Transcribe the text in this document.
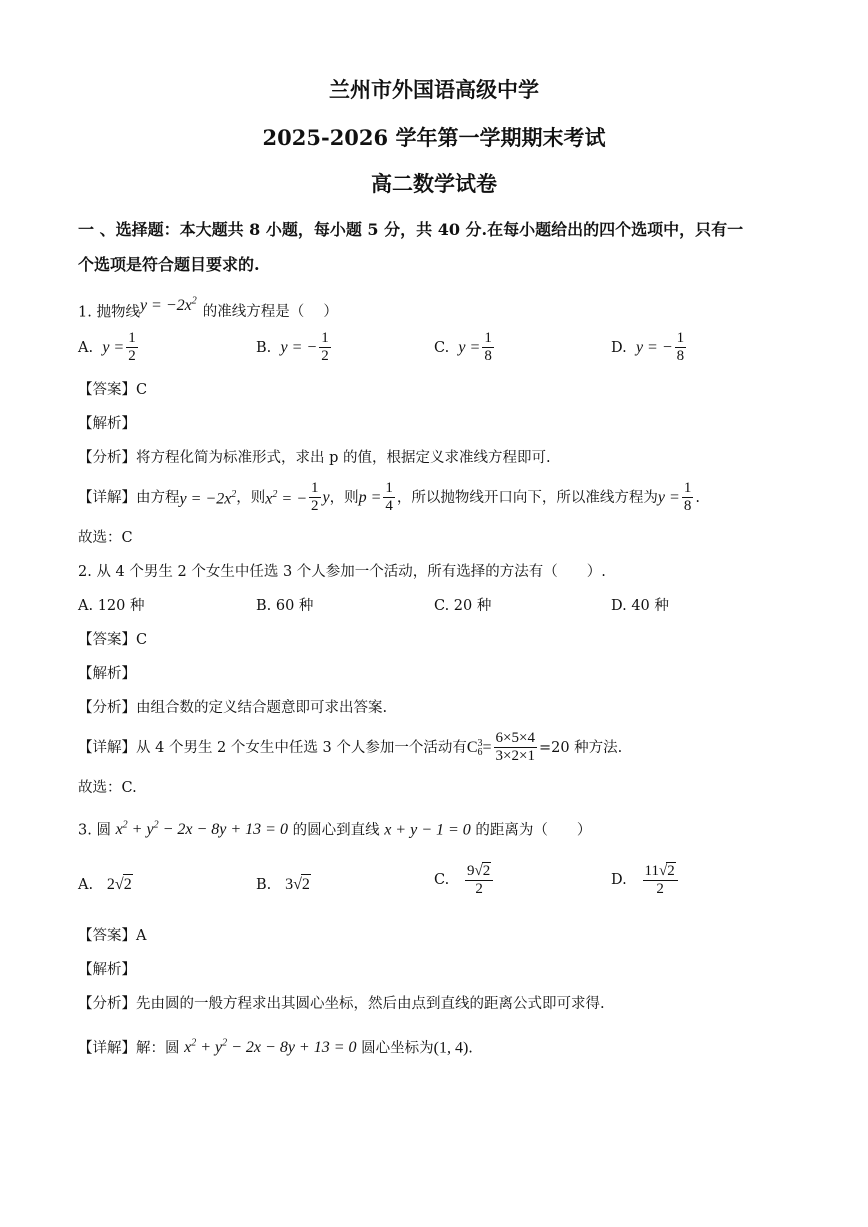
兰州市外国语高级中学
2025-2026 学年第一学期期末考试
高二数学试卷
一 、选择题：本大题共 8 小题，每小题 5 分，共 40 分.在每小题给出的四个选项中，只有一
个选项是符合题目要求的.
1. 抛物线$y = -2x^2$的准线方程是（　 ）
A. $y = \frac{1}{2}$	B. y = − $\frac{1}{2}$	C. $y = \frac{1}{8}$	D. y = − $\frac{1}{8}$
【答案】C
【解析】
【分析】将方程化简为标准形式，求出 p 的值，根据定义求准线方程即可.
【详解】由方程$y = -2x^2$，则$x^2$ = − $\frac{1}{2}$ y，则$p = \frac{1}{4}$ ，所以抛物线开口向下，所以准线方程为$y = \frac{1}{8}$ .
故选：C
2. 从 4 个男生 2 个女生中任选 3 个人参加一个活动，所有选择的方法有（　　）.
A. 120 种	B. 60 种	C. 20 种	D. 40 种
【答案】C
【解析】
【分析】由组合数的定义结合题意即可求出答案.
【详解】从 4 个男生 2 个女生中任选 3 个人参加一个活动有C 3
$6 = \frac{6\times 5\times 4}{3\times 2\times 1} =20$ 种方法.
故选：C.
3. 圆 $x^2 + y^2 - 2x - 8y + 13 = 0$ 的圆心到直线 x + y − 1 = 0 的距离为（　　）
A. 2√2	B. 3√2	C. $\frac{9√2}{2}$	D. $\frac{11√2}{2}$
【答案】A
【解析】
【分析】先由圆的一般方程求出其圆心坐标，然后由点到直线的距离公式即可求得.
【详解】解：圆 $x^2 + y^2 - 2x - 8y + 13 = 0$ 圆心坐标为(1, 4).
